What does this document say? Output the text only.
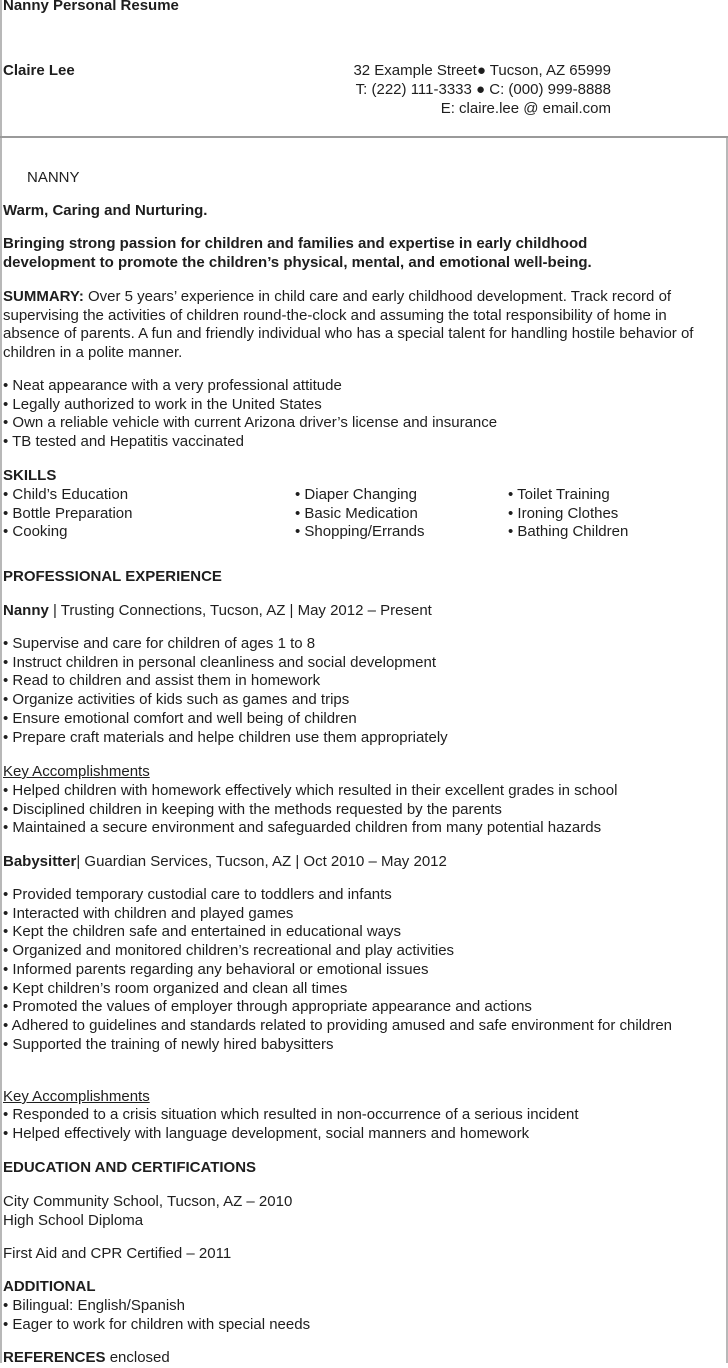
Nanny Personal Resume
Claire Lee	32 Example Street● Tucson, AZ 65999
T: (222) 111-3333 ● C: (000) 999-8888
E: claire.lee @ email.com
NANNY
Warm, Caring and Nurturing.
Bringing strong passion for children and families and expertise in early childhood development to promote the children’s physical, mental, and emotional well-being.

SUMMARY: Over 5 years’ experience in child care and early childhood development. Track record of supervising the activities of children round-the-clock and assuming the total responsibility of home in absence of parents. A fun and friendly individual who has a special talent for handling hostile behavior of children in a polite manner.

• Neat appearance with a very professional attitude
• Legally authorized to work in the United States
• Own a reliable vehicle with current Arizona driver’s license and insurance
• TB tested and Hepatitis vaccinated
SKILLS
• Child’s Education
• Bottle Preparation
• Cooking
• Diaper Changing
• Basic Medication
• Shopping/Errands
• Toilet Training
• Ironing Clothes
• Bathing Children
PROFESSIONAL EXPERIENCE
Nanny | Trusting Connections, Tucson, AZ | May 2012 – Present
• Supervise and care for children of ages 1 to 8
• Instruct children in personal cleanliness and social development
• Read to children and assist them in homework
• Organize activities of kids such as games and trips
• Ensure emotional comfort and well being of children
• Prepare craft materials and helpe children use them appropriately
Key Accomplishments
• Helped children with homework effectively which resulted in their excellent grades in school
• Disciplined children in keeping with the methods requested by the parents
• Maintained a secure environment and safeguarded children from many potential hazards
Babysitter| Guardian Services, Tucson, AZ | Oct 2010 – May 2012
• Provided temporary custodial care to toddlers and infants
• Interacted with children and played games
• Kept the children safe and entertained in educational ways
• Organized and monitored children’s recreational and play activities
• Informed parents regarding any behavioral or emotional issues
• Kept children’s room organized and clean all times
• Promoted the values of employer through appropriate appearance and actions
• Adhered to guidelines and standards related to providing amused and safe environment for children
• Supported the training of newly hired babysitters
Key Accomplishments
• Responded to a crisis situation which resulted in non-occurrence of a serious incident
• Helped effectively with language development, social manners and homework
EDUCATION AND CERTIFICATIONS
City Community School, Tucson, AZ – 2010
High School Diploma
First Aid and CPR Certified – 2011
ADDITIONAL
• Bilingual: English/Spanish
• Eager to work for children with special needs
REFERENCES enclosed
